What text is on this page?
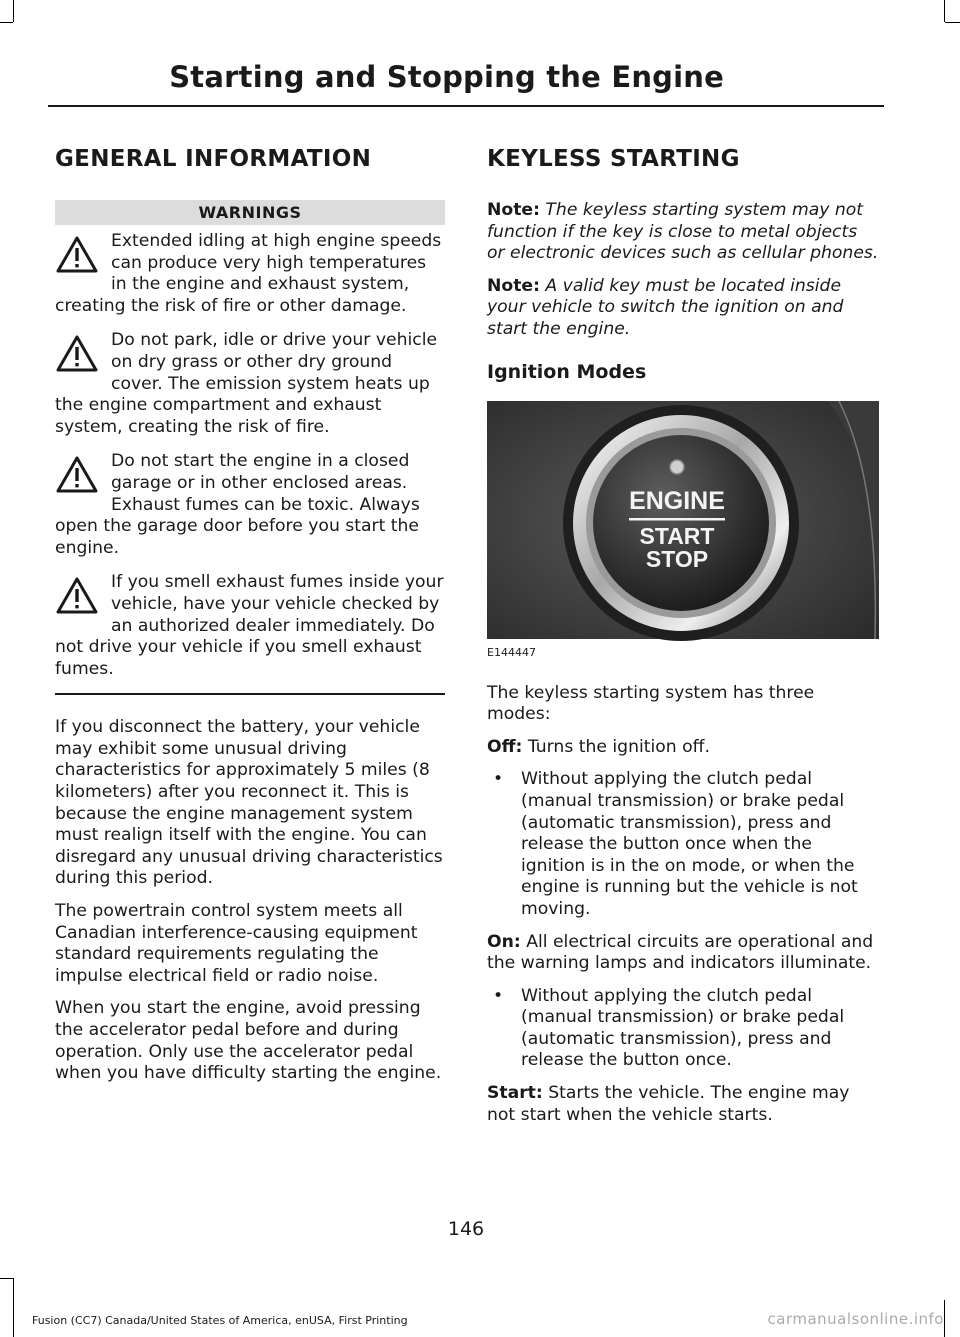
Starting and Stopping the Engine
GENERAL INFORMATION
WARNINGS
Extended idling at high engine speeds can produce very high temperatures in the engine and exhaust system, creating the risk of fire or other damage.
Do not park, idle or drive your vehicle on dry grass or other dry ground cover. The emission system heats up the engine compartment and exhaust system, creating the risk of fire.
Do not start the engine in a closed garage or in other enclosed areas. Exhaust fumes can be toxic. Always open the garage door before you start the engine.
If you smell exhaust fumes inside your vehicle, have your vehicle checked by an authorized dealer immediately. Do not drive your vehicle if you smell exhaust fumes.

If you disconnect the battery, your vehicle may exhibit some unusual driving characteristics for approximately 5 miles (8 kilometers) after you reconnect it. This is because the engine management system must realign itself with the engine. You can disregard any unusual driving characteristics during this period.

The powertrain control system meets all Canadian interference-causing equipment standard requirements regulating the impulse electrical field or radio noise.

When you start the engine, avoid pressing the accelerator pedal before and during operation. Only use the accelerator pedal when you have difficulty starting the engine.

KEYLESS STARTING

Note: The keyless starting system may not function if the key is close to metal objects or electronic devices such as cellular phones.

Note: A valid key must be located inside your vehicle to switch the ignition on and start the engine.

Ignition Modes
ENGINE
START
STOP
E144447

The keyless starting system has three modes:

Off: Turns the ignition off.

• Without applying the clutch pedal (manual transmission) or brake pedal (automatic transmission), press and release the button once when the ignition is in the on mode, or when the engine is running but the vehicle is not moving.

On: All electrical circuits are operational and the warning lamps and indicators illuminate.

• Without applying the clutch pedal (manual transmission) or brake pedal (automatic transmission), press and release the button once.

Start: Starts the vehicle. The engine may not start when the vehicle starts.

146
Fusion (CC7) Canada/United States of America, enUSA, First Printing	carmanualsonline.info
